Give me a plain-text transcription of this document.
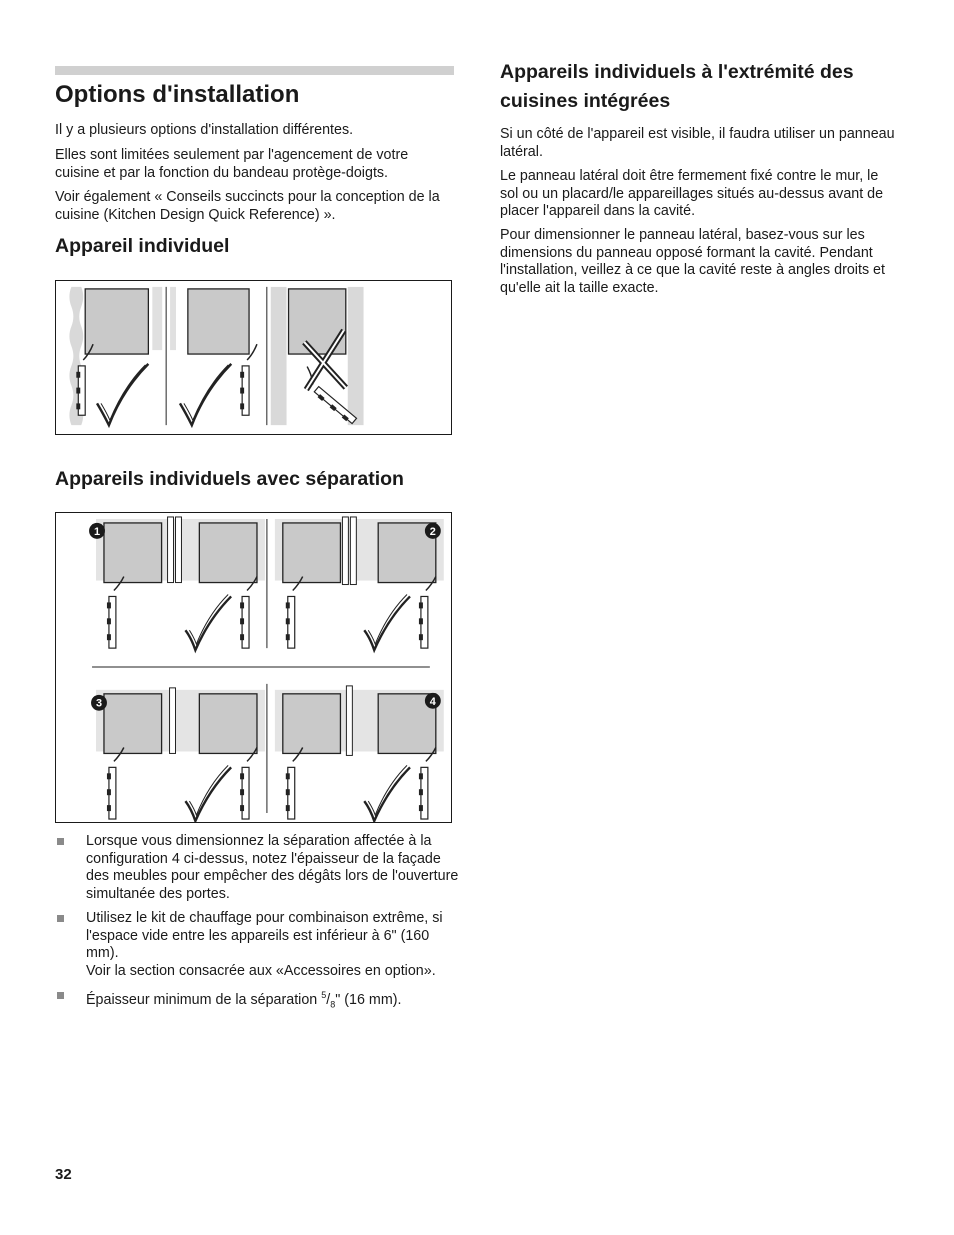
Options d'installation

Il y a plusieurs options d'installation différentes.

Elles sont limitées seulement par l'agencement de votre cuisine et par la fonction du bandeau protège-doigts.

Voir également « Conseils succincts pour la conception de la cuisine (Kitchen Design Quick Reference) ».

Appareil individuel
Appareils individuels avec séparation
1	2
3	4
Lorsque vous dimensionnez la séparation affectée à la configuration 4 ci-dessus, notez l'épaisseur de la façade des meubles pour empêcher des dégâts lors de l'ouverture simultanée des portes.
Utilisez le kit de chauffage pour combinaison extrême, si l'espace vide entre les appareils est inférieur à 6" (160 mm).
Voir la section consacrée aux «Accessoires en option».
Épaisseur minimum de la séparation $^5/_8$" (16 mm).
Appareils individuels à l'extrémité des cuisines intégrées

Si un côté de l'appareil est visible, il faudra utiliser un panneau latéral.

Le panneau latéral doit être fermement fixé contre le mur, le sol ou un placard/le appareillages situés au-dessus avant de placer l'appareil dans la cavité.

Pour dimensionner le panneau latéral, basez-vous sur les dimensions du panneau opposé formant la cavité. Pendant l'installation, veillez à ce que la cavité reste à angles droits et qu'elle ait la taille exacte.

32
